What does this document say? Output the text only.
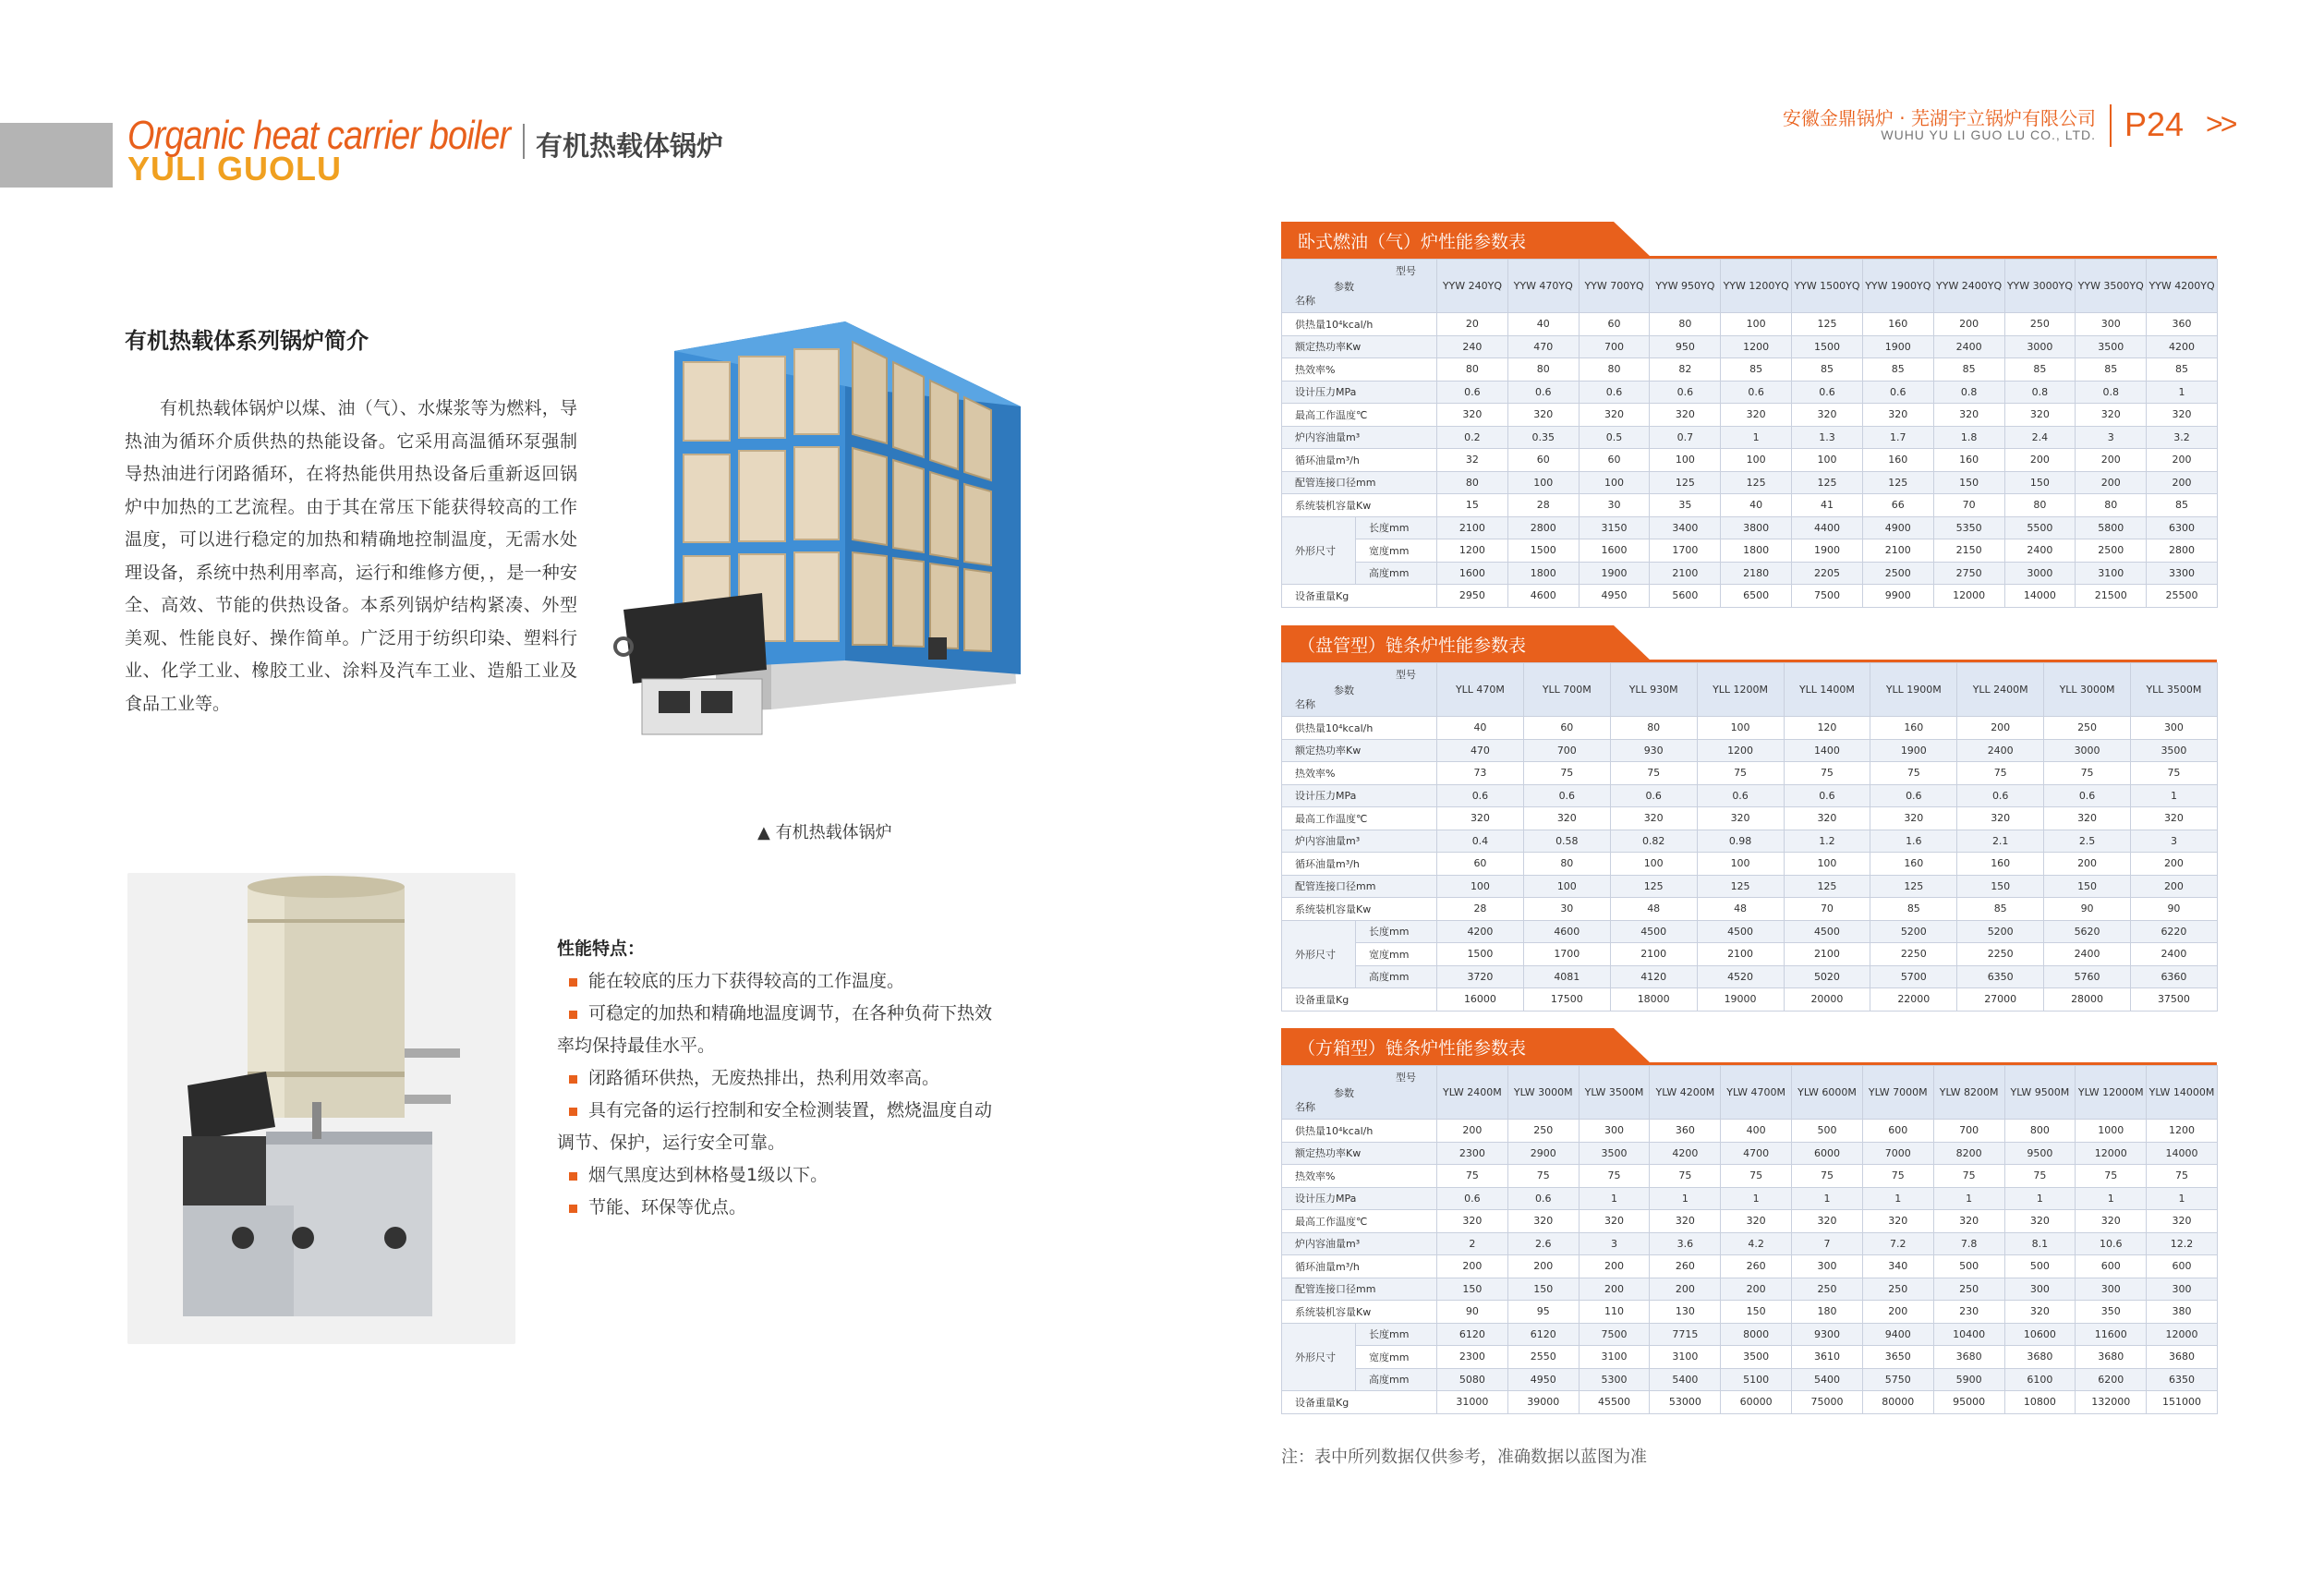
Organic heat carrier boiler
YULI GUOLU
有机热载体锅炉
安徽金鼎锅炉 · 芜湖宇立锅炉有限公司
WUHU YU LI GUO LU CO., LTD. P24 >>
有机热载体系列锅炉简介

有机热载体锅炉以煤、油（气）、水煤浆等为燃料，导热油为循环介质供热的热能设备。它采用高温循环泵强制导热油进行闭路循环，在将热能供用热设备后重新返回锅炉中加热的工艺流程。由于其在常压下能获得较高的工作温度，可以进行稳定的加热和精确地控制温度，无需水处理设备，系统中热利用率高，运行和维修方便，，是一种安全、高效、节能的供热设备。本系列锅炉结构紧凑、外型美观、性能良好、操作简单。广泛用于纺织印染、塑料行业、化学工业、橡胶工业、涂料及汽车工业、造船工业及食品工业等。

▲ 有机热载体锅炉
性能特点：
能在较底的压力下获得较高的工作温度。
可稳定的加热和精确地温度调节，在各种负荷下热效率均保持最佳水平。
闭路循环供热，无废热排出，热利用效率高。
具有完备的运行控制和安全检测装置，燃烧温度自动调节、保护，运行安全可靠。
烟气黑度达到林格曼1级以下。
节能、环保等优点。
卧式燃油（气）炉性能参数表
型号
参数
名称		YYW 240YQ	YYW 470YQ	YYW 700YQ	YYW 950YQ	YYW 1200YQ	YYW 1500YQ	YYW 1900YQ	YYW 2400YQ	YYW 3000YQ	YYW 3500YQ	YYW 4200YQ
供热量10⁴kcal/h		20	40	60	80	100	125	160	200	250	300	360
额定热功率Kw		240	470	700	950	1200	1500	1900	2400	3000	3500	4200
热效率%		80	80	80	82	85	85	85	85	85	85	85
设计压力MPa		0.6	0.6	0.6	0.6	0.6	0.6	0.6	0.8	0.8	0.8	1
最高工作温度℃		320	320	320	320	320	320	320	320	320	320	320
炉内容油量m³		0.2	0.35	0.5	0.7	1	1.3	1.7	1.8	2.4	3	3.2
循环油量m³/h		32	60	60	100	100	100	160	160	200	200	200
配管连接口径mm		80	100	100	125	125	125	125	150	150	200	200
系统装机容量Kw		15	28	30	35	40	41	66	70	80	80	85
外形尺寸	长度mm	2100	2800	3150	3400	3800	4400	4900	5350	5500	5800	6300
	宽度mm	1200	1500	1600	1700	1800	1900	2100	2150	2400	2500	2800
	高度mm	1600	1800	1900	2100	2180	2205	2500	2750	3000	3100	3300
设备重量Kg		2950	4600	4950	5600	6500	7500	9900	12000	14000	21500	25500
（盘管型）链条炉性能参数表
型号
参数
名称		YLL 470M	YLL 700M	YLL 930M	YLL 1200M	YLL 1400M	YLL 1900M	YLL 2400M	YLL 3000M	YLL 3500M
供热量10⁴kcal/h		40	60	80	100	120	160	200	250	300
额定热功率Kw		470	700	930	1200	1400	1900	2400	3000	3500
热效率%		73	75	75	75	75	75	75	75	75
设计压力MPa		0.6	0.6	0.6	0.6	0.6	0.6	0.6	0.6	1
最高工作温度℃		320	320	320	320	320	320	320	320	320
炉内容油量m³		0.4	0.58	0.82	0.98	1.2	1.6	2.1	2.5	3
循环油量m³/h		60	80	100	100	100	160	160	200	200
配管连接口径mm		100	100	125	125	125	125	150	150	200
系统装机容量Kw		28	30	48	48	70	85	85	90	90
外形尺寸	长度mm	4200	4600	4500	4500	4500	5200	5200	5620	6220
	宽度mm	1500	1700	2100	2100	2100	2250	2250	2400	2400
	高度mm	3720	4081	4120	4520	5020	5700	6350	5760	6360
设备重量Kg		16000	17500	18000	19000	20000	22000	27000	28000	37500
（方箱型）链条炉性能参数表
型号
参数
名称		YLW 2400M	YLW 3000M	YLW 3500M	YLW 4200M	YLW 4700M	YLW 6000M	YLW 7000M	YLW 8200M	YLW 9500M	YLW 12000M	YLW 14000M
供热量10⁴kcal/h		200	250	300	360	400	500	600	700	800	1000	1200
额定热功率Kw		2300	2900	3500	4200	4700	6000	7000	8200	9500	12000	14000
热效率%		75	75	75	75	75	75	75	75	75	75	75
设计压力MPa		0.6	0.6	1	1	1	1	1	1	1	1	1
最高工作温度℃		320	320	320	320	320	320	320	320	320	320	320
炉内容油量m³		2	2.6	3	3.6	4.2	7	7.2	7.8	8.1	10.6	12.2
循环油量m³/h		200	200	200	260	260	300	340	500	500	600	600
配管连接口径mm		150	150	200	200	200	250	250	250	300	300	300
系统装机容量Kw		90	95	110	130	150	180	200	230	320	350	380
外形尺寸	长度mm	6120	6120	7500	7715	8000	9300	9400	10400	10600	11600	12000
	宽度mm	2300	2550	3100	3100	3500	3610	3650	3680	3680	3680	3680
	高度mm	5080	4950	5300	5400	5100	5400	5750	5900	6100	6200	6350
设备重量Kg		31000	39000	45500	53000	60000	75000	80000	95000	10800	132000	151000
注：表中所列数据仅供参考，准确数据以蓝图为准
